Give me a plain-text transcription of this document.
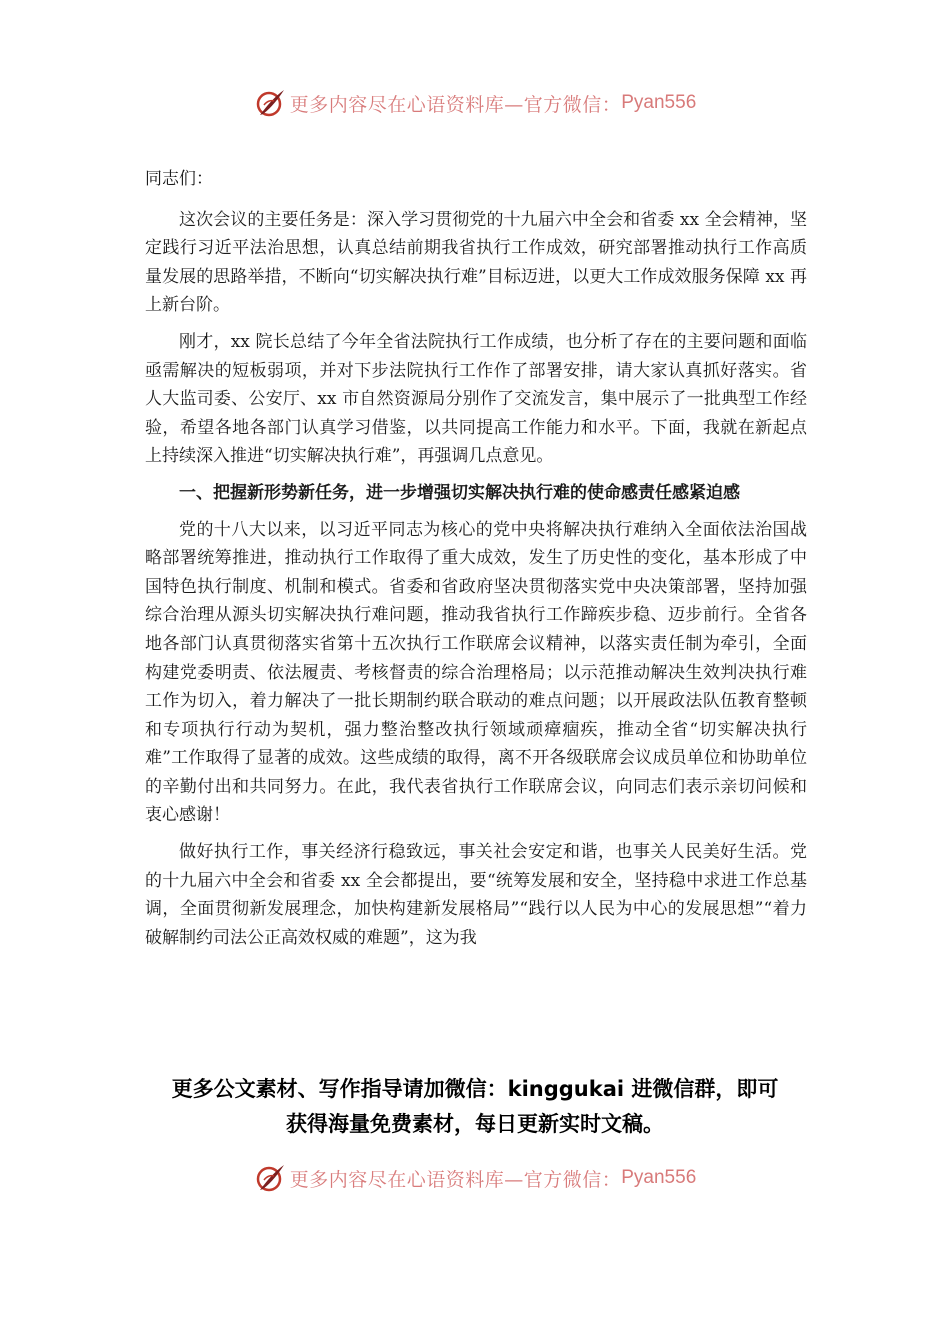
更多内容尽在心语资料库—官方微信： Pyan556

同志们：

这次会议的主要任务是：深入学习贯彻党的十九届六中全会和省委 xx 全会精神，坚定践行习近平法治思想，认真总结前期我省执行工作成效，研究部署推动执行工作高质量发展的思路举措，不断向“切实解决执行难”目标迈进，以更大工作成效服务保障 xx 再上新台阶。

刚才，xx 院长总结了今年全省法院执行工作成绩，也分析了存在的主要问题和面临亟需解决的短板弱项，并对下步法院执行工作作了部署安排，请大家认真抓好落实。省人大监司委、公安厅、xx 市自然资源局分别作了交流发言，集中展示了一批典型工作经验，希望各地各部门认真学习借鉴，以共同提高工作能力和水平。下面，我就在新起点上持续深入推进“切实解决执行难”，再强调几点意见。

一、把握新形势新任务，进一步增强切实解决执行难的使命感责任感紧迫感

党的十八大以来，以习近平同志为核心的党中央将解决执行难纳入全面依法治国战略部署统筹推进，推动执行工作取得了重大成效，发生了历史性的变化，基本形成了中国特色执行制度、机制和模式。省委和省政府坚决贯彻落实党中央决策部署，坚持加强综合治理从源头切实解决执行难问题，推动我省执行工作蹄疾步稳、迈步前行。全省各地各部门认真贯彻落实省第十五次执行工作联席会议精神，以落实责任制为牵引，全面构建党委明责、依法履责、考核督责的综合治理格局；以示范推动解决生效判决执行难工作为切入，着力解决了一批长期制约联合联动的难点问题；以开展政法队伍教育整顿和专项执行行动为契机，强力整治整改执行领域顽瘴痼疾，推动全省“切实解决执行难”工作取得了显著的成效。这些成绩的取得，离不开各级联席会议成员单位和协助单位的辛勤付出和共同努力。在此，我代表省执行工作联席会议，向同志们表示亲切问候和衷心感谢！

做好执行工作，事关经济行稳致远，事关社会安定和谐，也事关人民美好生活。党的十九届六中全会和省委 xx 全会都提出，要“统筹发展和安全，坚持稳中求进工作总基调，全面贯彻新发展理念，加快构建新发展格局”“践行以人民为中心的发展思想”“着力破解制约司法公正高效权威的难题”，这为我

更多公文素材、写作指导请加微信：kinggukai 进微信群，即可
获得海量免费素材，每日更新实时文稿。
更多内容尽在心语资料库—官方微信： Pyan556
